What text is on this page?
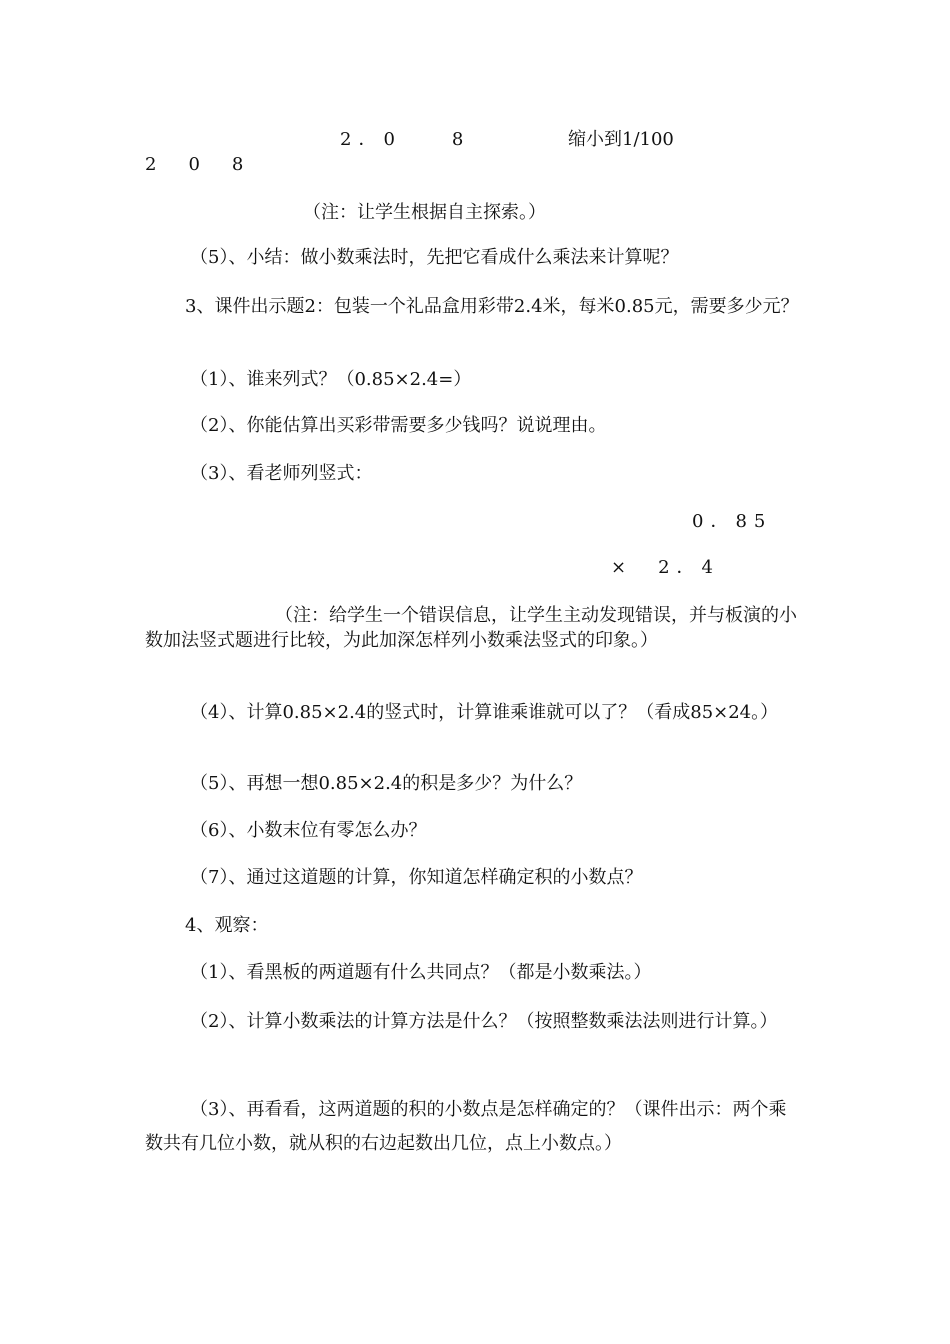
2．0　　8	缩小到1/100

2　0　8

（注：让学生根据自主探索。）

（5）、小结：做小数乘法时，先把它看成什么乘法来计算呢？

3、课件出示题2：包装一个礼品盒用彩带2.4米，每米0.85元，需要多少元？

（1）、谁来列式？（0.85×2.4=）

（2）、你能估算出买彩带需要多少钱吗？说说理由。

（3）、看老师列竖式：

0．85

×　2．4

（注：给学生一个错误信息，让学生主动发现错误，并与板演的小数加法竖式题进行比较，为此加深怎样列小数乘法竖式的印象。）

（4）、计算0.85×2.4的竖式时，计算谁乘谁就可以了？（看成85×24。）

（5）、再想一想0.85×2.4的积是多少？为什么？

（6）、小数末位有零怎么办？

（7）、通过这道题的计算，你知道怎样确定积的小数点？

4、观察：

（1）、看黑板的两道题有什么共同点？（都是小数乘法。）

（2）、计算小数乘法的计算方法是什么？（按照整数乘法法则进行计算。）

（3）、再看看，这两道题的积的小数点是怎样确定的？（课件出示：两个乘数共有几位小数，就从积的右边起数出几位，点上小数点。）
